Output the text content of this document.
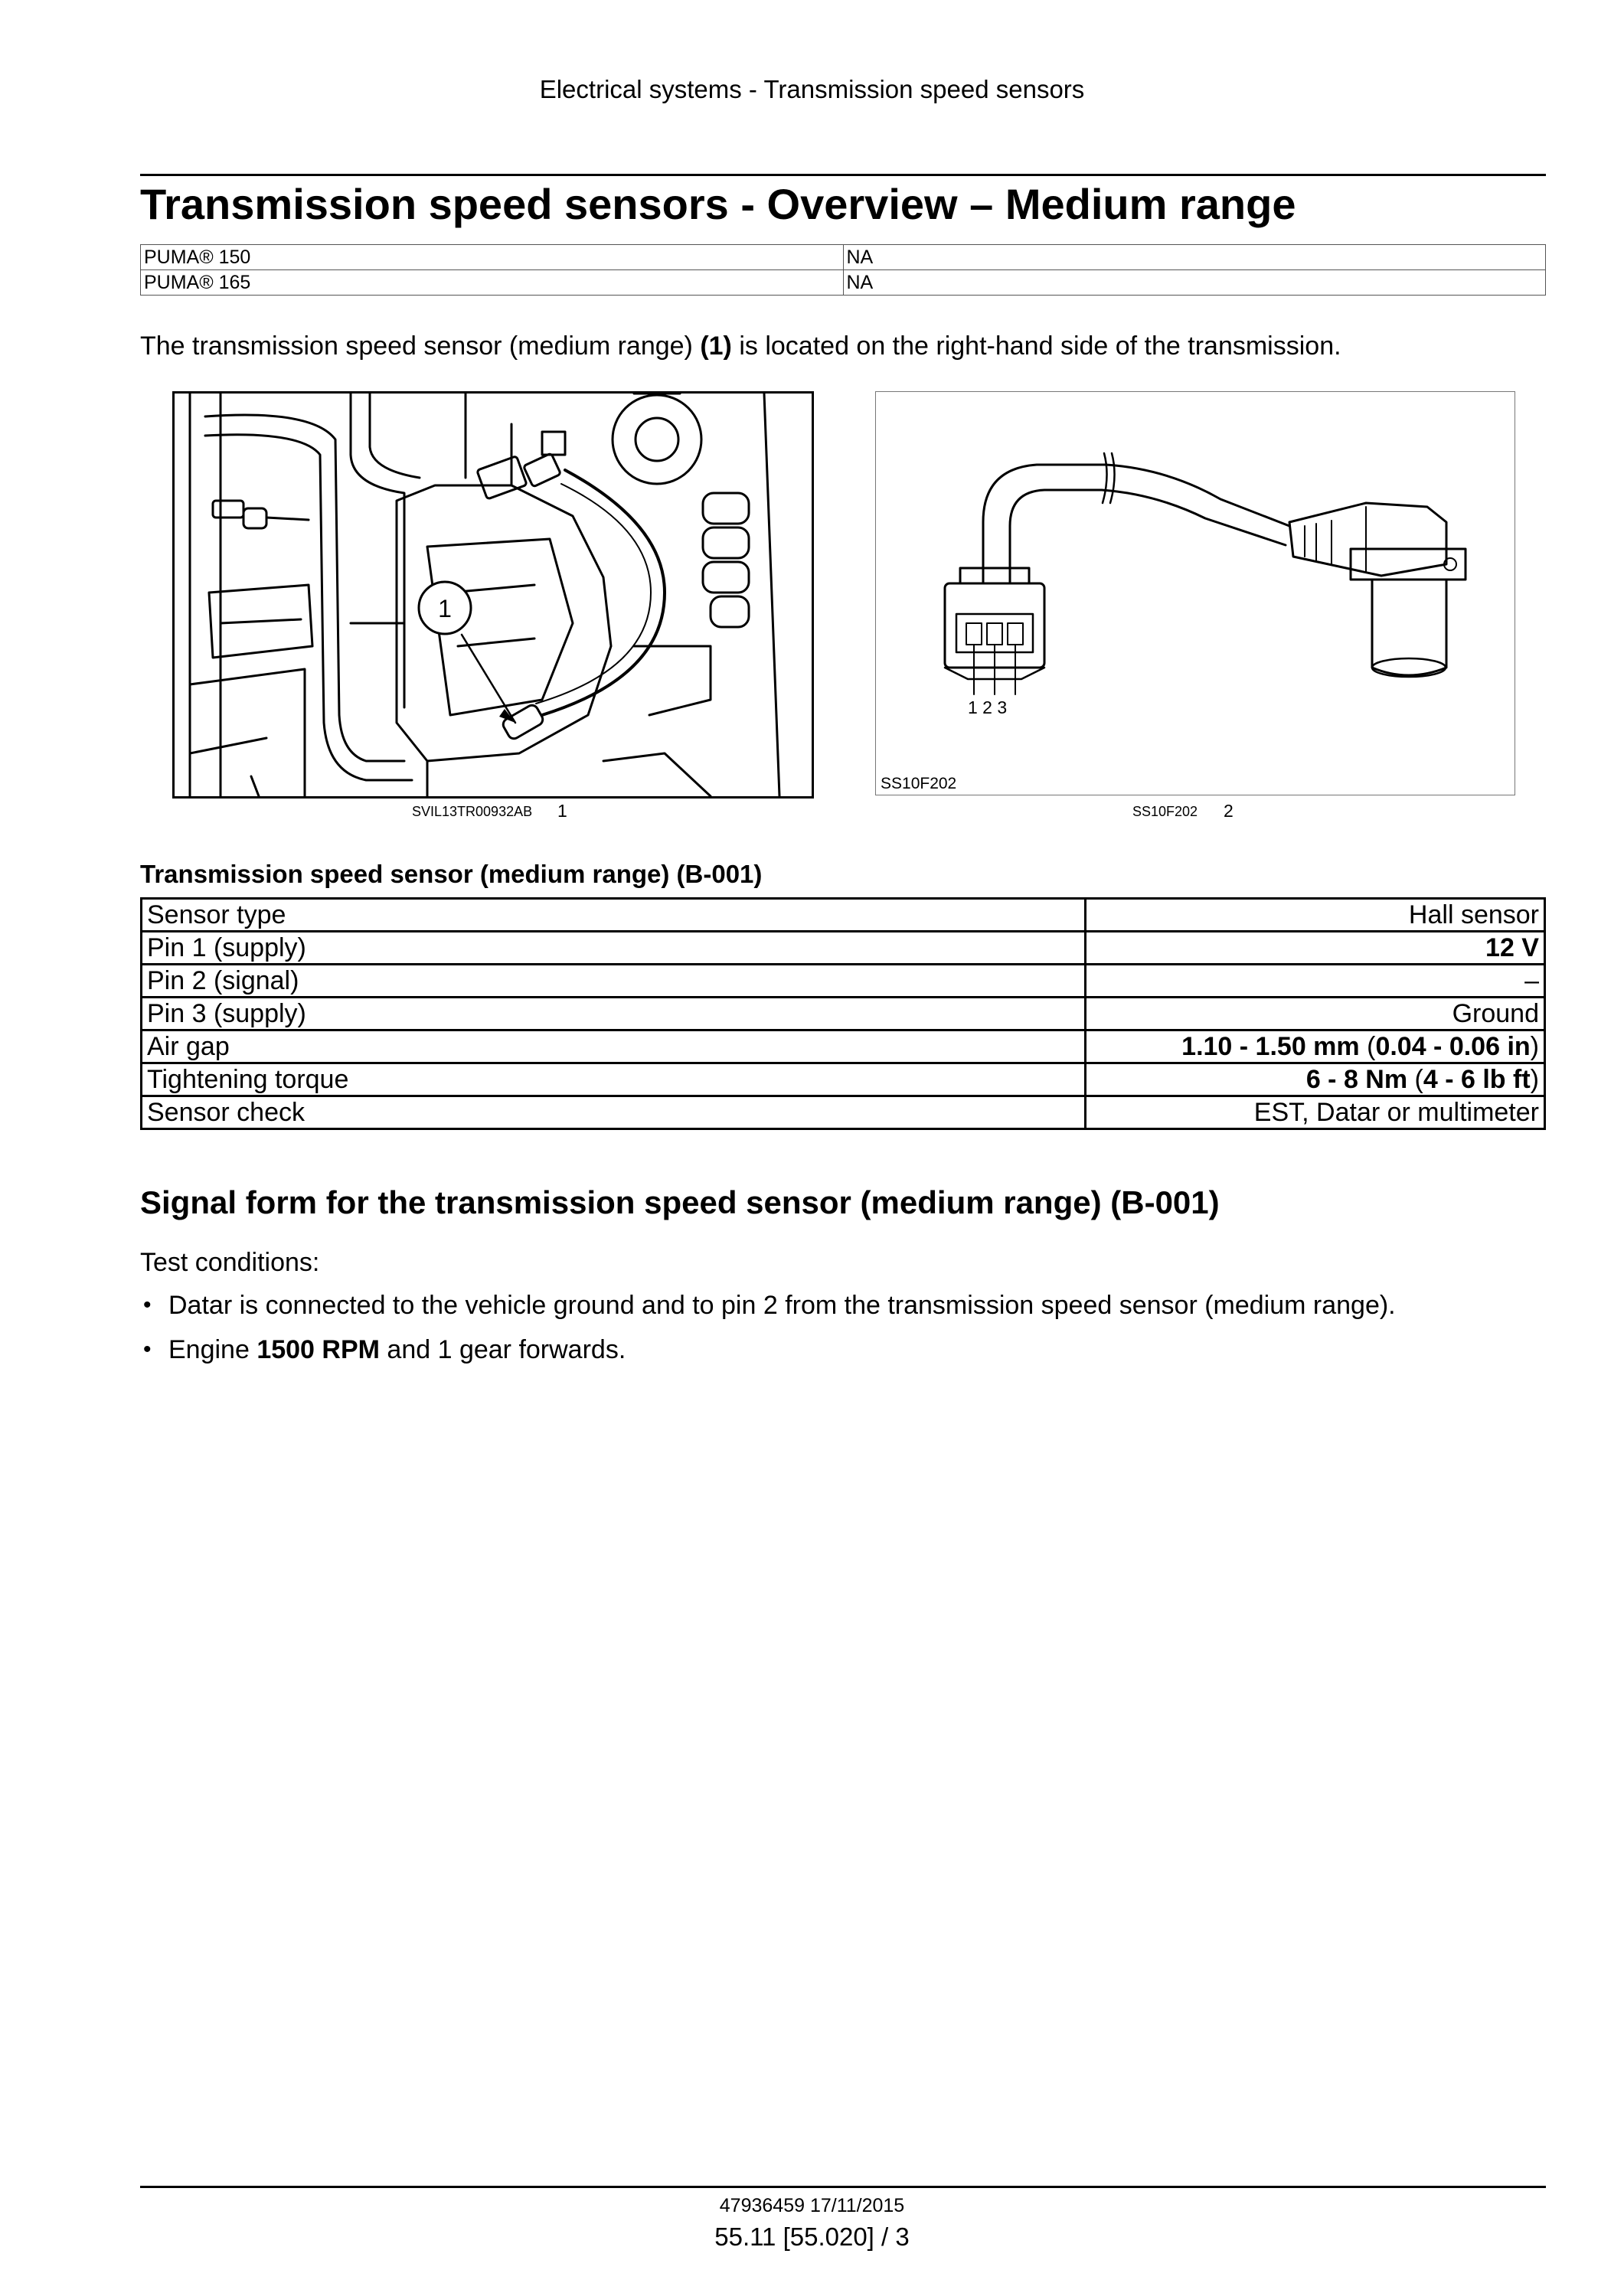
Electrical systems - Transmission speed sensors
Transmission speed sensors - Overview – Medium range
PUMA® 150	NA
PUMA® 165	NA
The transmission speed sensor (medium range) (1) is located on the right-hand side of the transmission.
1
SVIL13TR00932AB 1
1 2 3
SS10F202
SS10F202 2
Transmission speed sensor (medium range) (B-001)
Sensor type	Hall sensor
Pin 1 (supply)	12 V
Pin 2 (signal)	–
Pin 3 (supply)	Ground
Air gap	1.10 - 1.50 mm (0.04 - 0.06 in)
Tightening torque	6 - 8 Nm (4 - 6 lb ft)
Sensor check	EST, Datar or multimeter
Signal form for the transmission speed sensor (medium range) (B-001)
Test conditions:
• Datar is connected to the vehicle ground and to pin 2 from the transmission speed sensor (medium range).
• Engine 1500 RPM and 1 gear forwards.
47936459 17/11/2015
55.11 [55.020] / 3
